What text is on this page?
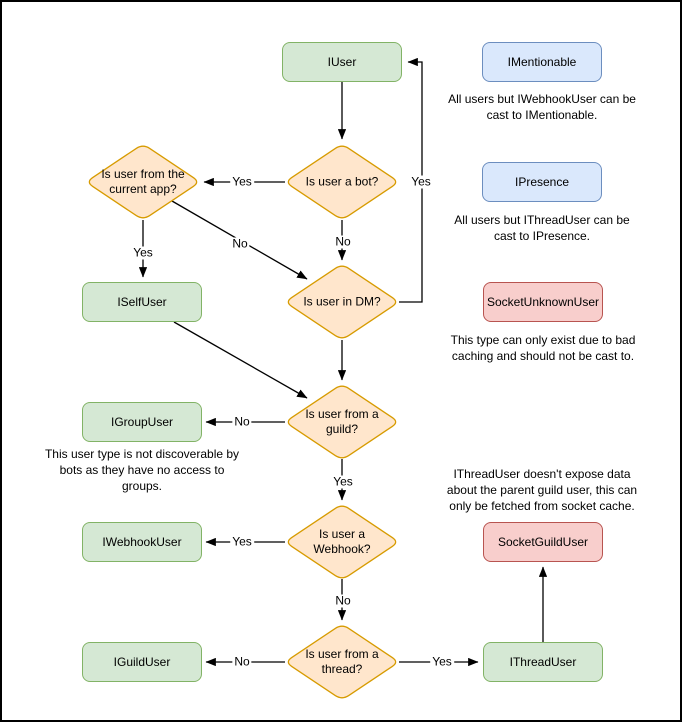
IUser	IMentionable
IPresence
ISelfUser	SocketUnknownUser
IGroupUser
IWebhookUser	SocketGuildUser
IGuildUser	IThreadUser
Is user a bot?
Is user from the current app?
Is user in DM?
Is user from a guild?
Is user a Webhook?
Is user from a thread?
Yes
No
No
Yes
Yes
No
Yes
Yes
No
No	Yes
All users but IWebhookUser can be cast to IMentionable.
All users but IThreadUser can be cast to IPresence.
This type can only exist due to bad caching and should not be cast to.
IThreadUser doesn't expose data about the parent guild user, this can only be fetched from socket cache.
This user type is not discoverable by bots as they have no access to groups.
